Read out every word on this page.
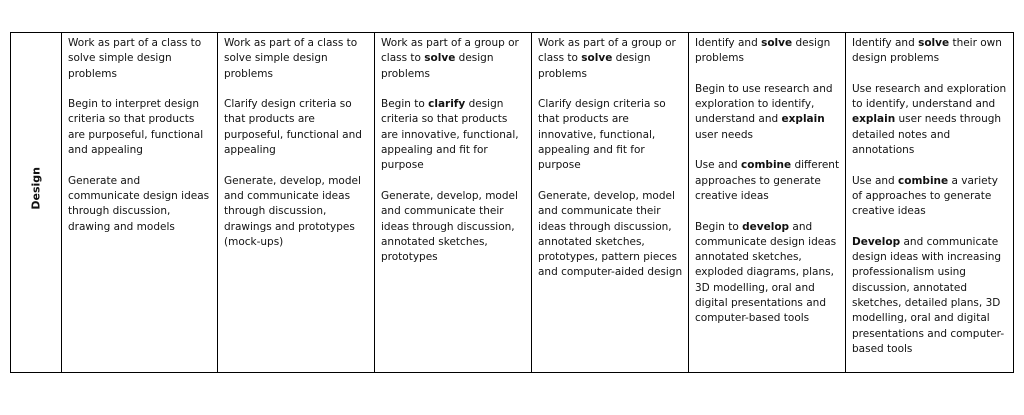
Design

Work as part of a class to solve simple design problems
Begin to interpret design criteria so that products are purposeful, functional and appealing
Generate and communicate design ideas through discussion, drawing and models

Work as part of a class to solve simple design problems
Clarify design criteria so that products are purposeful, functional and appealing
Generate, develop, model and communicate ideas through discussion, drawings and prototypes (mock-ups)

Work as part of a group or class to solve design problems
Begin to clarify design criteria so that products are innovative, functional, appealing and fit for purpose
Generate, develop, model and communicate their ideas through discussion, annotated sketches, prototypes

Work as part of a group or class to solve design problems
Clarify design criteria so that products are innovative, functional, appealing and fit for purpose
Generate, develop, model and communicate their ideas through discussion, annotated sketches, prototypes, pattern pieces and computer-aided design

Identify and solve design problems
Begin to use research and exploration to identify, understand and explain user needs
Use and combine different approaches to generate creative ideas
Begin to develop and communicate design ideas annotated sketches, exploded diagrams, plans, 3D modelling, oral and digital presentations and computer-based tools

Identify and solve their own design problems
Use research and exploration to identify, understand and explain user needs through detailed notes and annotations
Use and combine a variety of approaches to generate creative ideas
Develop and communicate design ideas with increasing professionalism using discussion, annotated sketches, detailed plans, 3D modelling, oral and digital presentations and computer-based tools
